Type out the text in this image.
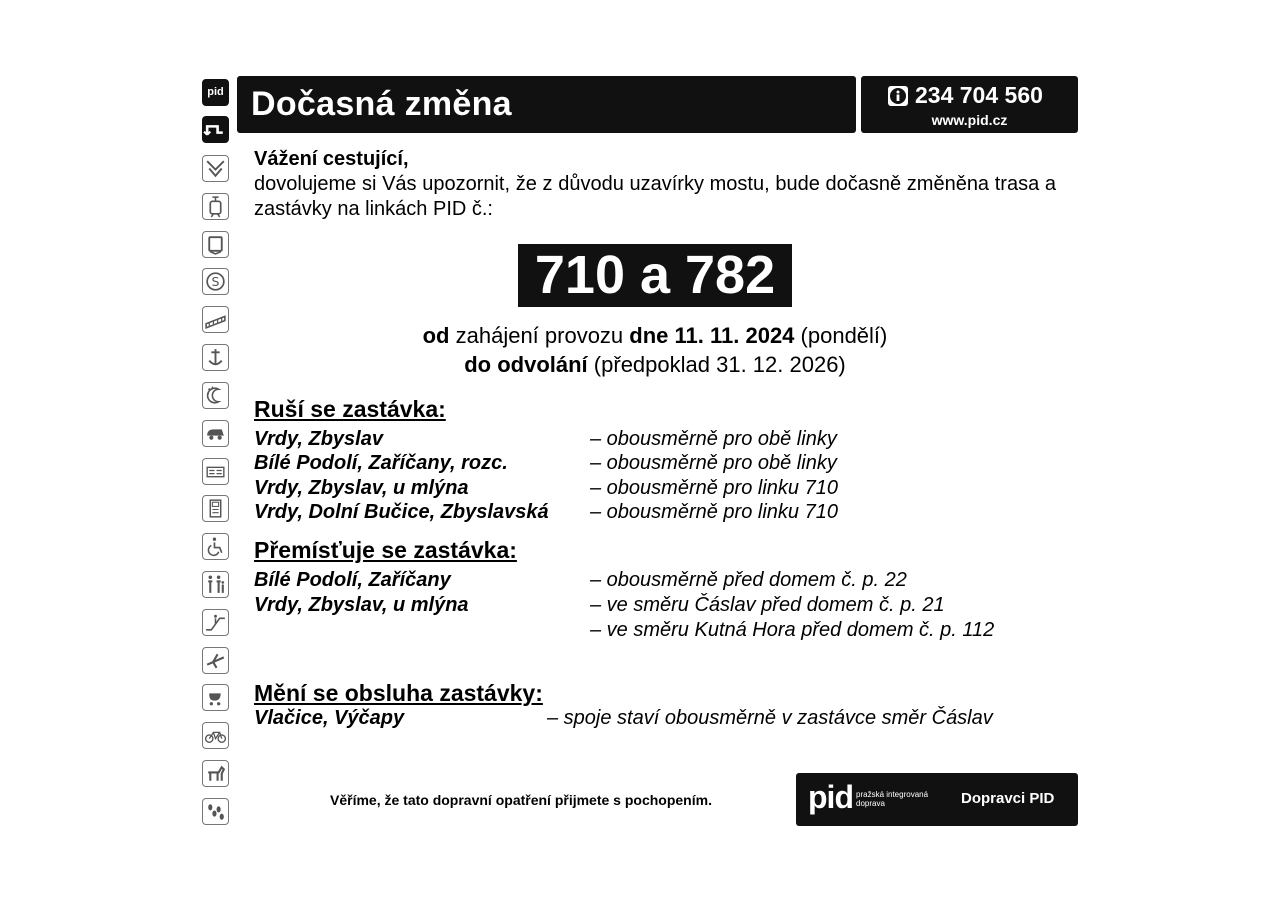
pid
S
Dočasná změna	234 704 560
www.pid.cz
Vážení cestující,
dovolujeme si Vás upozornit, že z důvodu uzavírky mostu, bude dočasně změněna trasa a zastávky na linkách PID č.:
710 a 782
od zahájení provozu dne 11. 11. 2024 (pondělí)
do odvolání (předpoklad 31. 12. 2026)
Ruší se zastávka:
Vrdy, Zbyslav	– obousměrně pro obě linky
Bílé Podolí, Zaříčany, rozc.	– obousměrně pro obě linky
Vrdy, Zbyslav, u mlýna	– obousměrně pro linku 710
Vrdy, Dolní Bučice, Zbyslavská – obousměrně pro linku 710
Přemísťuje se zastávka:
Bílé Podolí, Zaříčany	– obousměrně před domem č. p. 22
Vrdy, Zbyslav, u mlýna	– ve směru Čáslav před domem č. p. 21
– ve směru Kutná Hora před domem č. p. 112
Mění se obsluha zastávky:
Vlačice, Výčapy	– spoje staví obousměrně v zastávce směr Čáslav
Věříme, že tato dopravní opatření přijmete s pochopením.	pid pražská integrovaná doprava	Dopravci PID
